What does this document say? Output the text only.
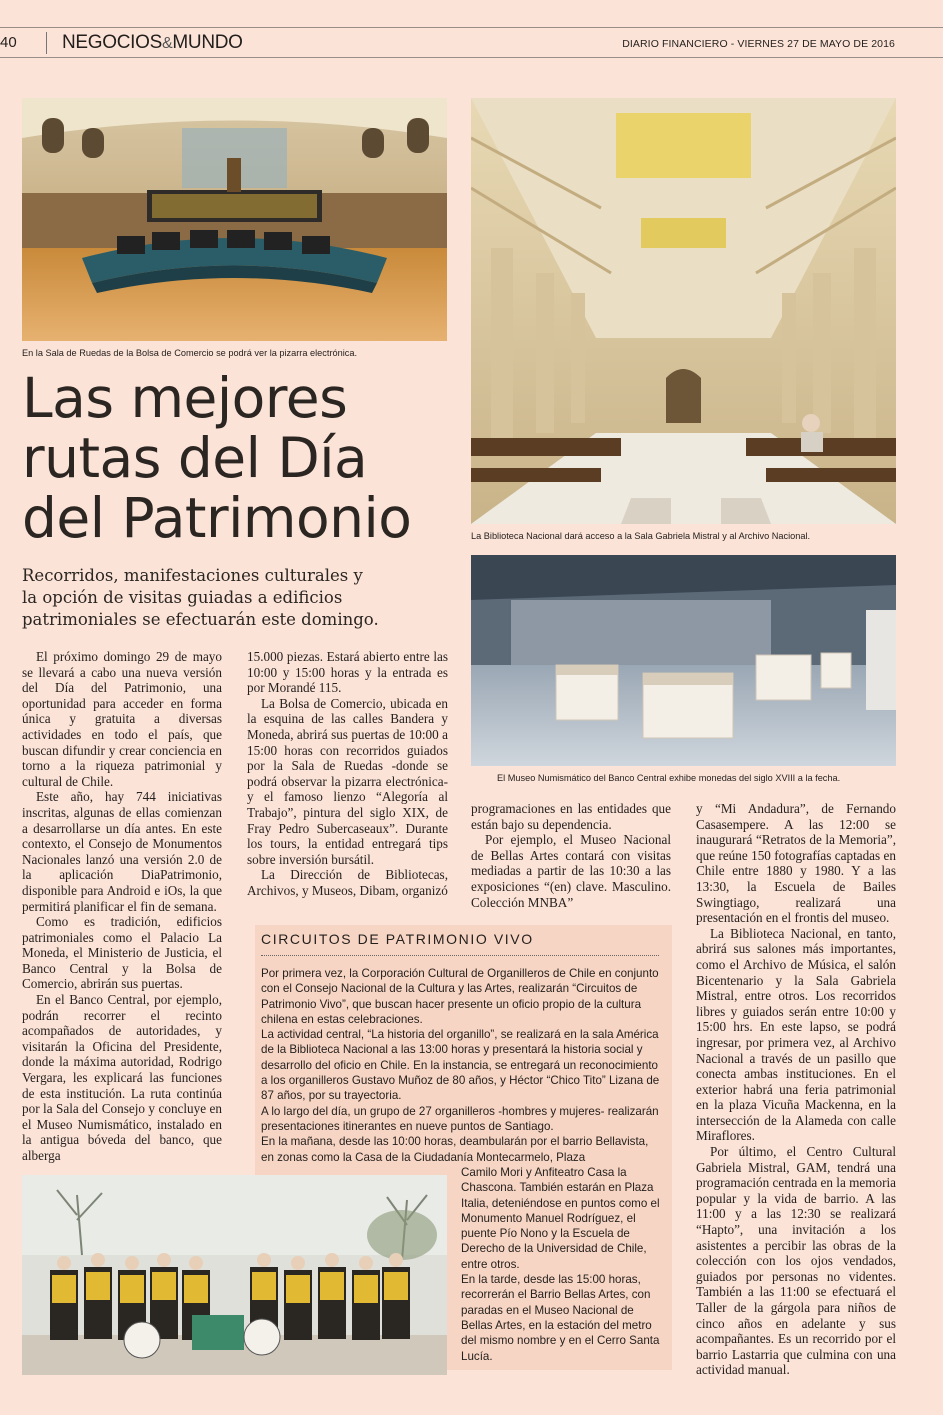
40 NEGOCIOS&MUNDO	DIARIO FINANCIERO - VIERNES 27 DE MAYO DE 2016
En la Sala de Ruedas de la Bolsa de Comercio se podrá ver la pizarra electrónica.
La Biblioteca Nacional dará acceso a la Sala Gabriela Mistral y al Archivo Nacional.
Las mejores
rutas del Día
del Patrimonio
Recorridos, manifestaciones culturales y
la opción de visitas guiadas a edificios
patrimoniales se efectuarán este domingo.
El Museo Numismático del Banco Central exhibe monedas del siglo XVIII a la fecha.

El próximo domingo 29 de mayo se llevará a cabo una nueva versión del Día del Patrimonio, una oportunidad para acceder en forma única y gratuita a diversas actividades en todo el país, que buscan difundir y crear conciencia en torno a la riqueza patrimonial y cultural de Chile.

Este año, hay 744 iniciativas inscritas, algunas de ellas comienzan a desarrollarse un día antes. En este contexto, el Consejo de Monumentos Nacionales lanzó una versión 2.0 de la aplicación DiaPatrimonio, disponible para Android e iOs, la que permitirá planificar el fin de semana.

Como es tradición, edificios patrimoniales como el Palacio La Moneda, el Ministerio de Justicia, el Banco Central y la Bolsa de Comercio, abrirán sus puertas.

En el Banco Central, por ejemplo, podrán recorrer el recinto acompañados de autoridades, y visitarán la Oficina del Presidente, donde la máxima autoridad, Rodrigo Vergara, les explicará las funciones de esta institución. La ruta continúa por la Sala del Consejo y concluye en el Museo Numismático, instalado en la antigua bóveda del banco, que alberga

15.000 piezas. Estará abierto entre las 10:00 y 15:00 horas y la entrada es por Morandé 115.

La Bolsa de Comercio, ubicada en la esquina de las calles Bandera y Moneda, abrirá sus puertas de 10:00 a 15:00 horas con recorridos guiados por la Sala de Ruedas -donde se podrá observar la pizarra electrónica- y el famoso lienzo “Alegoría al Trabajo”, pintura del siglo XIX, de Fray Pedro Subercaseaux”. Durante los tours, la entidad entregará tips sobre inversión bursátil.

La Dirección de Bibliotecas, Archivos, y Museos, Dibam, organizó

programaciones en las entidades que están bajo su dependencia.

Por ejemplo, el Museo Nacional de Bellas Artes contará con visitas mediadas a partir de las 10:30 a las exposiciones “(en) clave. Masculino. Colección MNBA”

y “Mi Andadura”, de Fernando Casasempere. A las 12:00 se inaugurará “Retratos de la Memoria”, que reúne 150 fotografías captadas en Chile entre 1880 y 1980. Y a las 13:30, la Escuela de Bailes Swingtiago, realizará una presentación en el frontis del museo.

La Biblioteca Nacional, en tanto, abrirá sus salones más importantes, como el Archivo de Música, el salón Bicentenario y la Sala Gabriela Mistral, entre otros. Los recorridos libres y guiados serán entre 10:00 y 15:00 hrs. En este lapso, se podrá ingresar, por primera vez, al Archivo Nacional a través de un pasillo que conecta ambas instituciones. En el exterior habrá una feria patrimonial en la plaza Vicuña Mackenna, en la intersección de la Alameda con calle Miraflores.

Por último, el Centro Cultural Gabriela Mistral, GAM, tendrá una programación centrada en la memoria popular y la vida de barrio. A las 11:00 y a las 12:30 se realizará “Hapto”, una invitación a los asistentes a percibir las obras de la colección con los ojos vendados, guiados por personas no videntes. También a las 11:00 se efectuará el Taller de la gárgola para niños de cinco años en adelante y sus acompañantes. Es un recorrido por el barrio Lastarria que culmina con una actividad manual.

CIRCUITOS DE PATRIMONIO VIVO

Por primera vez, la Corporación Cultural de Organilleros de Chile en conjunto con el Consejo Nacional de la Cultura y las Artes, realizarán “Circuitos de Patrimonio Vivo”, que buscan hacer presente un oficio propio de la cultura chilena en estas celebraciones.

La actividad central, “La historia del organillo”, se realizará en la sala América de la Biblioteca Nacional a las 13:00 horas y presentará la historia social y desarrollo del oficio en Chile. En la instancia, se entregará un reconocimiento a los organilleros Gustavo Muñoz de 80 años, y Héctor “Chico Tito” Lizana de 87 años, por su trayectoria.

A lo largo del día, un grupo de 27 organilleros -hombres y mujeres- realizarán presentaciones itinerantes en nueve puntos de Santiago.

En la mañana, desde las 10:00 horas, deambularán por el barrio Bellavista, en zonas como la Casa de la Ciudadanía Montecarmelo, Plaza

Camilo Mori y Anfiteatro Casa la Chascona. También estarán en Plaza Italia, deteniéndose en puntos como el Monumento Manuel Rodríguez, el puente Pío Nono y la Escuela de Derecho de la Universidad de Chile, entre otros.

En la tarde, desde las 15:00 horas, recorrerán el Barrio Bellas Artes, con paradas en el Museo Nacional de Bellas Artes, en la estación del metro del mismo nombre y en el Cerro Santa Lucía.
